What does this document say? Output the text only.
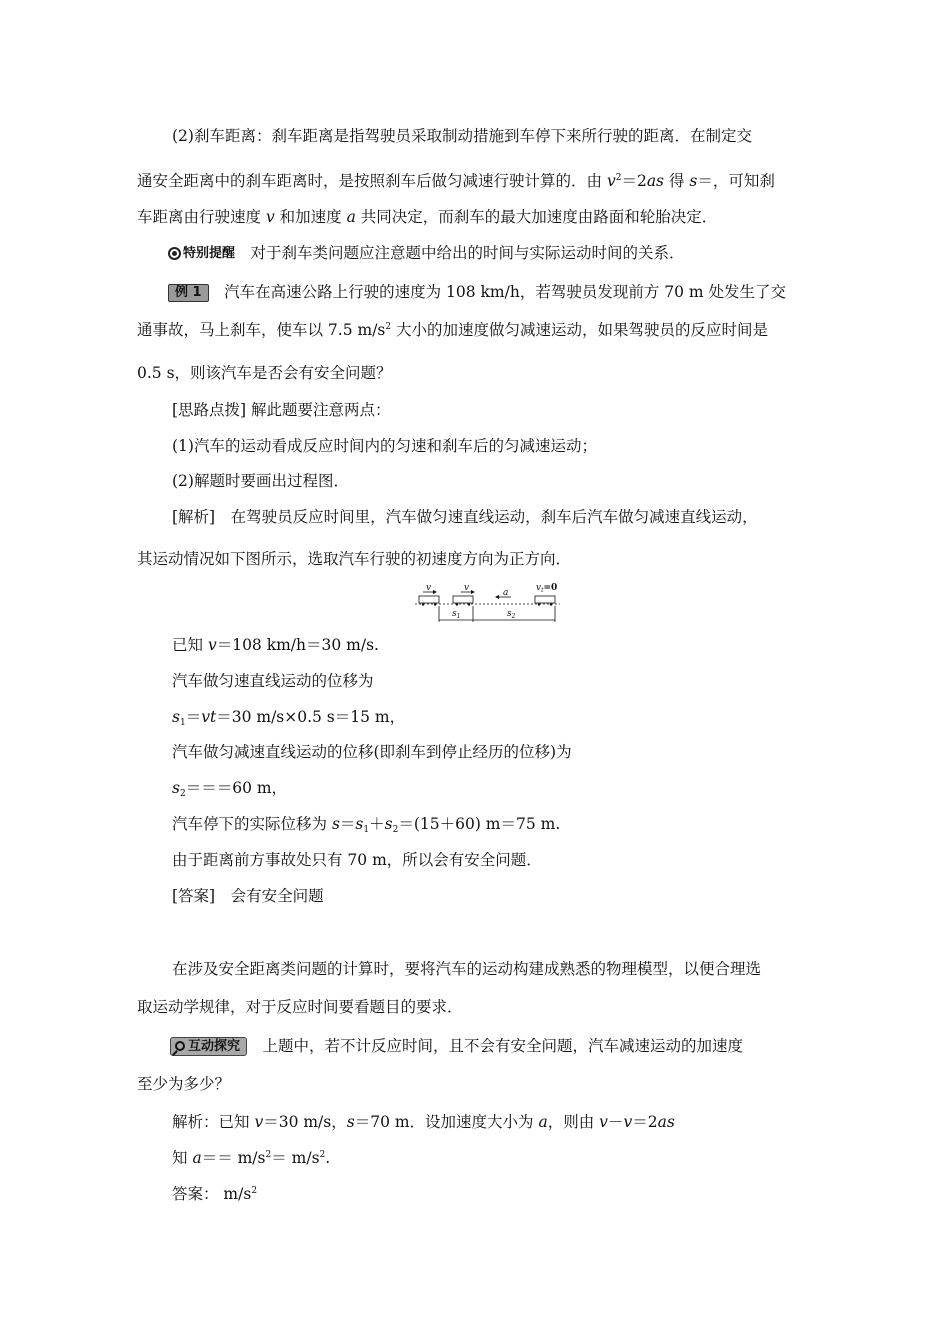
(2)刹车距离：刹车距离是指驾驶员采取制动措施到车停下来所行驶的距离．在制定交
通安全距离中的刹车距离时，是按照刹车后做匀减速行驶计算的．由 $v^2=2as$ 得 s＝，可知刹
车距离由行驶速度 v 和加速度 a 共同决定，而刹车的最大加速度由路面和轮胎决定．
特别提醒　对于刹车类问题应注意题中给出的时间与实际运动时间的关系．
例 1　汽车在高速公路上行驶的速度为 108 km/h，若驾驶员发现前方 70 m 处发生了交
通事故，马上刹车，使车以 7.5 $m/s^2$ 大小的加速度做匀减速运动，如果驾驶员的反应时间是
0.5 s，则该汽车是否会有安全问题？
[思路点拨] 解此题要注意两点：
(1)汽车的运动看成反应时间内的匀速和刹车后的匀减速运动；
(2)解题时要画出过程图．
[解析]　在驾驶员反应时间里，汽车做匀速直线运动，刹车后汽车做匀减速直线运动，
其运动情况如下图所示，选取汽车行驶的初速度方向为正方向．
v	v	a	$v_t=0$
$s_1$	$s_2$
已知 v＝108 km/h＝30 m/s.
汽车做匀速直线运动的位移为
$s_1=vt=30$ m/s×0.5 s＝15 m，
汽车做匀减速直线运动的位移(即刹车到停止经历的位移)为
$s_2===60$ m，
汽车停下的实际位移为 $s=s_1+s_2=(15+60)$ m＝75 m.
由于距离前方事故处只有 70 m，所以会有安全问题．
[答案]　会有安全问题
在涉及安全距离类问题的计算时，要将汽车的运动构建成熟悉的物理模型，以便合理选
取运动学规律，对于反应时间要看题目的要求．
互动探究　上题中，若不计反应时间，且不会有安全问题，汽车减速运动的加速度
至少为多少？
解析：已知 v＝30 m/s，s＝70 m．设加速度大小为 a，则由 v－v＝2as
知 $a== m/s^2= m/s^2$.
答案： $m/s^2$
